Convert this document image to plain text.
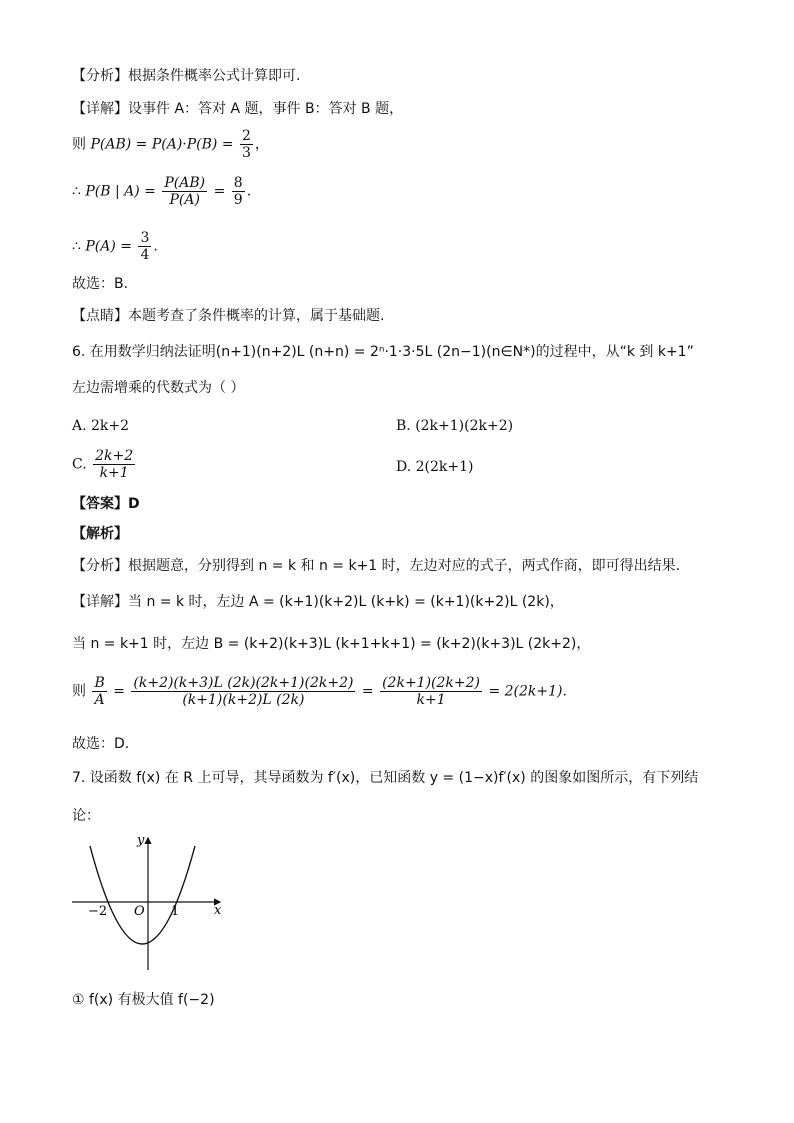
【分析】根据条件概率公式计算即可.
【详解】设事件 A：答对 A 题，事件 B：答对 B 题，
则 $P(AB) = P(A)\cdot P(B) = \frac{2}{3}$ ，
∴ P(B | $A) = \frac{P(AB)}{P(A)} = \frac{8}{9}$ .
∴ $P(A) = \frac{3}{4}$ .
故选：B.
【点睛】本题考查了条件概率的计算，属于基础题.
6. 在用数学归纳法证明(n+1)(n+2)L (n+n) = 2ⁿ·1·3·5L (2n−1)(n∈N*)的过程中，从“k 到 k+1”
左边需增乘的代数式为（ ）
A. 2k+2	B. (2k+1)(2k+2)
C. $\frac{2k+2}{k+1}$	D. 2(2k+1)
【答案】D
【解析】
【分析】根据题意，分别得到 n = k 和 n = k+1 时，左边对应的式子，两式作商，即可得出结果.
【详解】当 n = k 时，左边 A = (k+1)(k+2)L (k+k) = (k+1)(k+2)L (2k)，
当 n = k+1 时，左边 B = (k+2)(k+3)L (k+1+k+1) = (k+2)(k+3)L (2k+2)，
则 $\frac{B}{A} = \frac{(k+2)(k+3)L (2k)(2k+1)(2k+2)}{(k+1)(k+2)L (2k)} = \frac{(2k+1)(2k+2)}{k+1} = 2(2k+1)$.
故选：D.
7. 设函数 f(x) 在 R 上可导，其导函数为 f′(x)，已知函数 y = (1−x)f′(x) 的图象如图所示，有下列结
论：
y
x
O
−2	1
① f(x) 有极大值 f(−2)
